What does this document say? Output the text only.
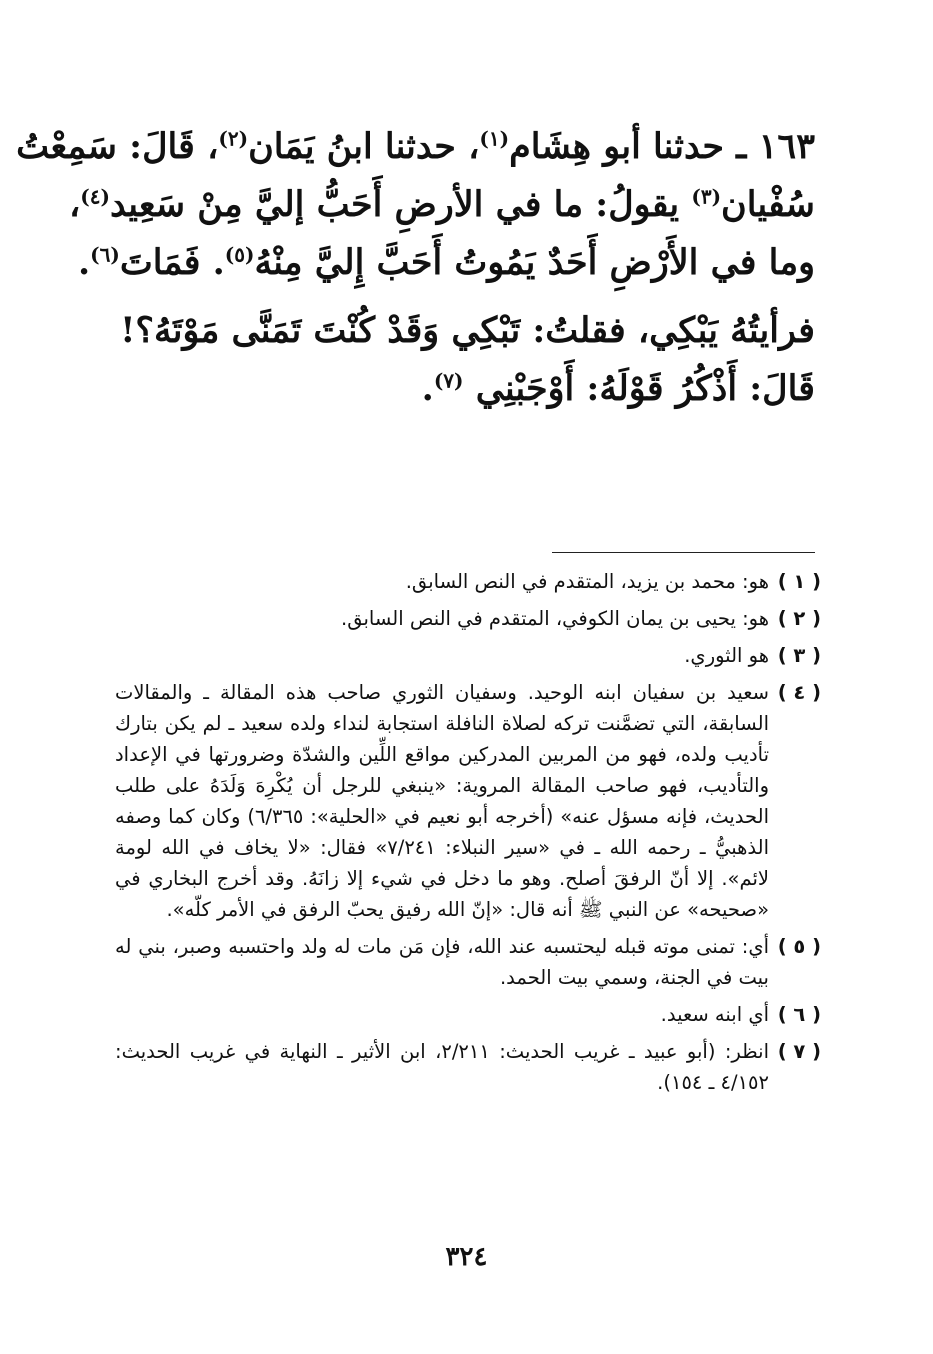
١٦٣ ـ حدثنا أبو هِشَام$^{(١)}$، حدثنا ابنُ يَمَان$^{(٢)}$، قَالَ: سَمِعْتُ
سُفْيان$^{(٣)}$ يقولُ: ما في الأرضِ أَحَبُّ إليَّ مِنْ سَعِيد$^{(٤)}$،
وما في الأَرْضِ أَحَدٌ يَمُوتُ أَحَبَّ إِليَّ مِنْهُ$^{(٥)}$. فَمَاتَ$^{(٦)}$.
فرأيتُهُ يَبْكِي، فقلتُ: تَبْكِي وَقَدْ كُنْتَ تَمَنَّى مَوْتَهُ؟!
قَالَ: أَذْكُرُ قَوْلَهُ: أَوْجَبْنِي $^{(٧)}$.
( ١ )
هو: محمد بن يزيد، المتقدم في النص السابق.
( ٢ )
هو: يحيى بن يمان الكوفي، المتقدم في النص السابق.
( ٣ )
هو الثوري.
( ٤ )
سعيد بن سفيان ابنه الوحيد. وسفيان الثوري صاحب هذه المقالة ـ والمقالات السابقة، التي تضمَّنت تركه لصلاة النافلة استجابة لنداء ولده سعيد ـ لم يكن بتارك تأديب ولده، فهو من المربين المدركين مواقع اللِّين والشدّة وضرورتها في الإعداد والتأديب، فهو صاحب المقالة المروية: «ينبغي للرجل أن يُكْرِهَ وَلَدَهُ على طلب الحديث، فإنه مسؤل عنه» (أخرجه أبو نعيم في «الحلية»: ٦/٣٦٥) وكان كما وصفه الذهبيُّ ـ رحمه الله ـ في «سير النبلاء: ٧/٢٤١» فقال: «لا يخاف في الله لومة لائم». إلا أنّ الرفقَ أصلح. وهو ما دخل في شيء إلا زانَهُ. وقد أخرج البخاري في «صحيحه» عن النبي ﷺ أنه قال: «إنّ الله رفيق يحبّ الرفق في الأمر كلّه».
( ٥ )
أي: تمنى موته قبله ليحتسبه عند الله، فإن مَن مات له ولد واحتسبه وصبر، بني له بيت في الجنة، وسمي بيت الحمد.
( ٦ )
أي ابنه سعيد.
( ٧ )
انظر: (أبو عبيد ـ غريب الحديث: ٢/٢١١، ابن الأثير ـ النهاية في غريب الحديث: ٤/١٥٢ ـ ١٥٤).
٣٢٤
